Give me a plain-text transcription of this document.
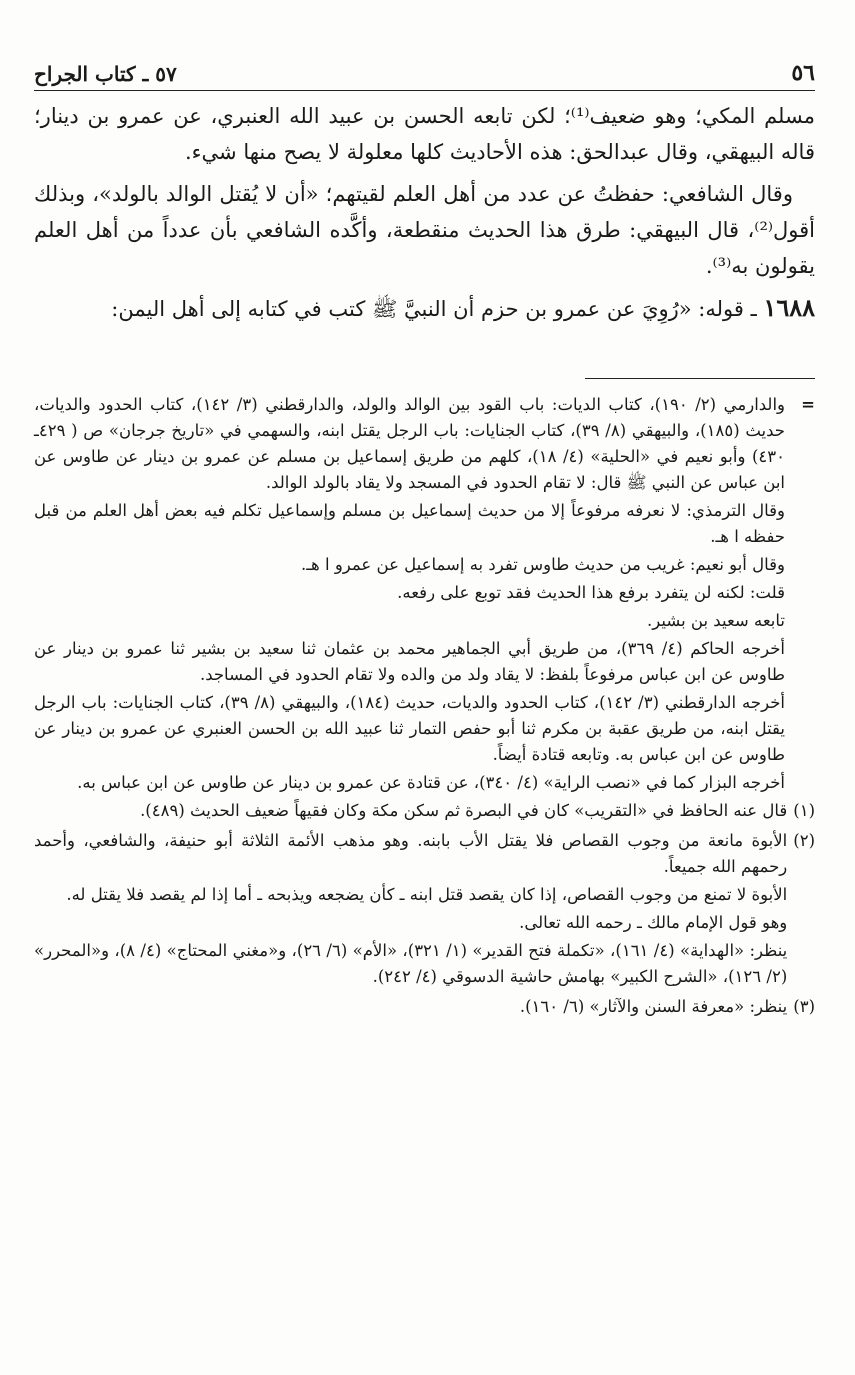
٥٦
٥٧ ـ كتاب الجراح

مسلم المكي؛ وهو ضعيف⁽¹⁾؛ لكن تابعه الحسن بن عبيد الله العنبري، عن عمرو بن دينار؛ قاله البيهقي، وقال عبدالحق: هذه الأحاديث كلها معلولة لا يصح منها شيء.

وقال الشافعي: حفظتُ عن عدد من أهل العلم لقيتهم؛ «أن لا يُقتل الوالد بالولد»، وبذلك أقول⁽²⁾، قال البيهقي: طرق هذا الحديث منقطعة، وأكَّده الشافعي بأن عدداً من أهل العلم يقولون به⁽³⁾.

١٦٨٨ ـ قوله: «رُوِيَ عن عمرو بن حزم أن النبيَّ ﷺ كتب في كتابه إلى أهل اليمن:

=

والدارمي (٢/ ١٩٠)، كتاب الديات: باب القود بين الوالد والولد، والدارقطني (٣/ ١٤٢)، كتاب الحدود والديات، حديث (١٨٥)، والبيهقي (٨/ ٣٩)، كتاب الجنايات: باب الرجل يقتل ابنه، والسهمي في «تاريخ جرجان» ص ( ٤٢٩ـ ٤٣٠) وأبو نعيم في «الحلية» (٤/ ١٨)، كلهم من طريق إسماعيل بن مسلم عن عمرو بن دينار عن طاوس عن ابن عباس عن النبي ﷺ قال: لا تقام الحدود في المسجد ولا يقاد بالولد الوالد.

وقال الترمذي: لا نعرفه مرفوعاً إلا من حديث إسماعيل بن مسلم وإسماعيل تكلم فيه بعض أهل العلم من قبل حفظه ا هـ.

وقال أبو نعيم: غريب من حديث طاوس تفرد به إسماعيل عن عمرو ا هـ.

قلت: لكنه لن يتفرد برفع هذا الحديث فقد توبع على رفعه.

تابعه سعيد بن بشير.

أخرجه الحاكم (٤/ ٣٦٩)، من طريق أبي الجماهير محمد بن عثمان ثنا سعيد بن بشير ثنا عمرو بن دينار عن طاوس عن ابن عباس مرفوعاً بلفظ: لا يقاد ولد من والده ولا تقام الحدود في المساجد.

أخرجه الدارقطني (٣/ ١٤٢)، كتاب الحدود والديات، حديث (١٨٤)، والبيهقي (٨/ ٣٩)، كتاب الجنايات: باب الرجل يقتل ابنه، من طريق عقبة بن مكرم ثنا أبو حفص التمار ثنا عبيد الله بن الحسن العنبري عن عمرو بن دينار عن طاوس عن ابن عباس به. وتابعه قتادة أيضاً.

أخرجه البزار كما في «نصب الراية» (٤/ ٣٤٠)، عن قتادة عن عمرو بن دينار عن طاوس عن ابن عباس به.

(١)

قال عنه الحافظ في «التقريب» كان في البصرة ثم سكن مكة وكان فقيهاً ضعيف الحديث (٤٨٩).

(٢)

الأبوة مانعة من وجوب القصاص فلا يقتل الأب بابنه. وهو مذهب الأئمة الثلاثة أبو حنيفة، والشافعي، وأحمد رحمهم الله جميعاً.

الأبوة لا تمنع من وجوب القصاص، إذا كان يقصد قتل ابنه ـ كأن يضجعه ويذبحه ـ أما إذا لم يقصد فلا يقتل له.

وهو قول الإمام مالك ـ رحمه الله تعالى.

ينظر: «الهداية» (٤/ ١٦١)، «تكملة فتح القدير» (١/ ٣٢١)، «الأم» (٦/ ٢٦)، و«مغني المحتاج» (٤/ ٨)، و«المحرر» (٢/ ١٢٦)، «الشرح الكبير» بهامش حاشية الدسوقي (٤/ ٢٤٢).

(٣)

ينظر: «معرفة السنن والآثار» (٦/ ١٦٠).
